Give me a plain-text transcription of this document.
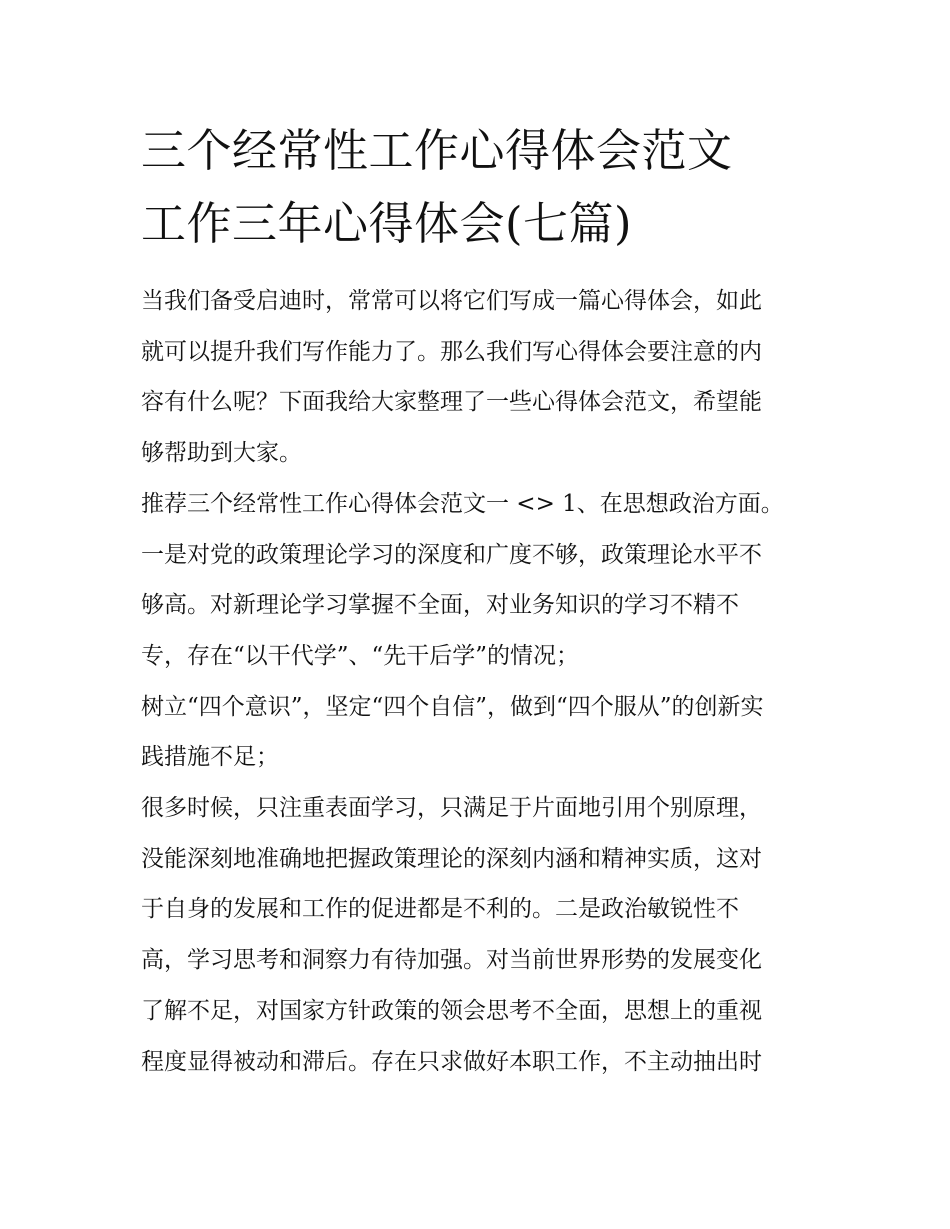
三个经常性工作心得体会范文
工作三年心得体会(七篇)

当我们备受启迪时，常常可以将它们写成一篇心得体会，如此
就可以提升我们写作能力了。那么我们写心得体会要注意的内
容有什么呢？下面我给大家整理了一些心得体会范文，希望能
够帮助到大家。

推荐三个经常性工作心得体会范文一 <> 1、在思想政治方面。
一是对党的政策理论学习的深度和广度不够，政策理论水平不
够高。对新理论学习掌握不全面，对业务知识的学习不精不
专，存在“以干代学”、“先干后学”的情况；

树立“四个意识”，坚定“四个自信”，做到“四个服从”的创新实
践措施不足；

很多时候，只注重表面学习，只满足于片面地引用个别原理，
没能深刻地准确地把握政策理论的深刻内涵和精神实质，这对
于自身的发展和工作的促进都是不利的。二是政治敏锐性不
高，学习思考和洞察力有待加强。对当前世界形势的发展变化
了解不足，对国家方针政策的领会思考不全面，思想上的重视
程度显得被动和滞后。存在只求做好本职工作，不主动抽出时
